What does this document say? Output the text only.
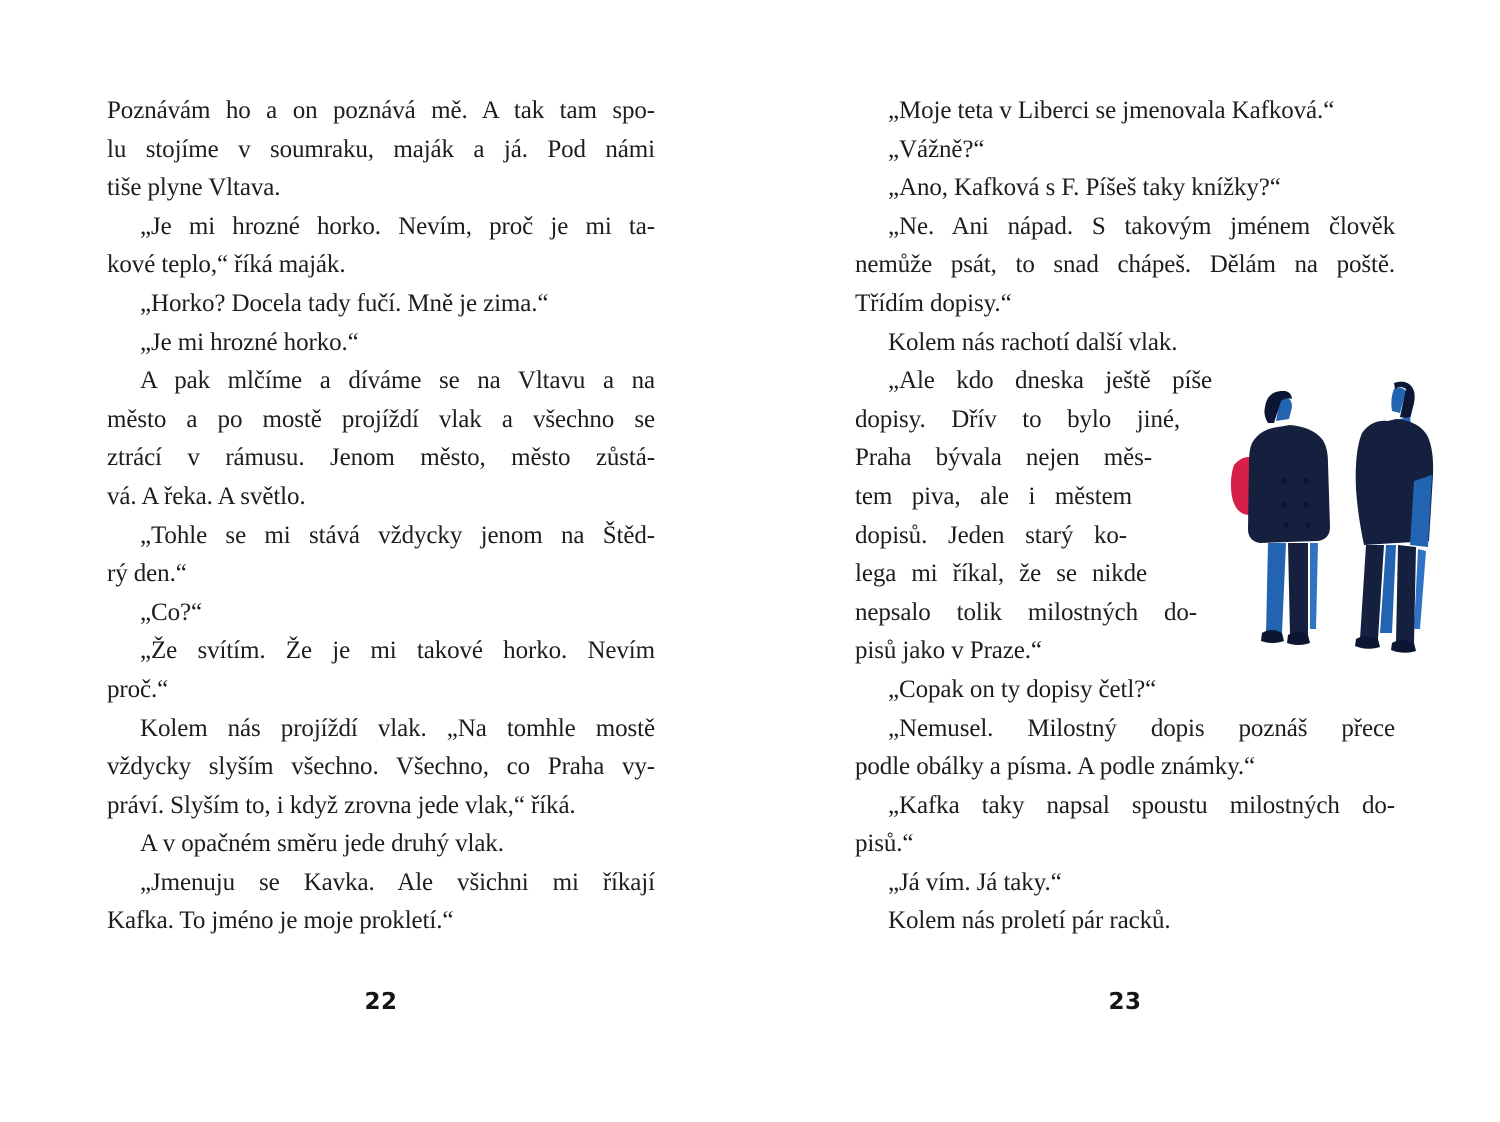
Poznávám ho a on poznává mě. A tak tam spo-
lu stojíme v soumraku, maják a já. Pod námi
tiše plyne Vltava.
„Je mi hrozné horko. Nevím, proč je mi ta-
kové teplo,“ říká maják.
„Horko? Docela tady fučí. Mně je zima.“
„Je mi hrozné horko.“
A pak mlčíme a díváme se na Vltavu a na
město a po mostě projíždí vlak a všechno se
ztrácí v rámusu. Jenom město, město zůstá-
vá. A řeka. A světlo.
„Tohle se mi stává vždycky jenom na Štěd-
rý den.“
„Co?“
„Že svítím. Že je mi takové horko. Nevím
proč.“
Kolem nás projíždí vlak. „Na tomhle mostě
vždycky slyším všechno. Všechno, co Praha vy-
práví. Slyším to, i když zrovna jede vlak,“ říká.
A v opačném směru jede druhý vlak.
„Jmenuju se Kavka. Ale všichni mi říkají
Kafka. To jméno je moje prokletí.“
„Moje teta v Liberci se jmenovala Kafková.“
„Vážně?“
„Ano, Kafková s F. Píšeš taky knížky?“
„Ne. Ani nápad. S takovým jménem člověk
nemůže psát, to snad chápeš. Dělám na poště.
Třídím dopisy.“
Kolem nás rachotí další vlak.
„Ale kdo dneska ještě píše
dopisy. Dřív to bylo jiné,
Praha bývala nejen měs-
tem piva, ale i městem
dopisů. Jeden starý ko-
lega mi říkal, že se nikde
nepsalo tolik milostných do-
pisů jako v Praze.“
„Copak on ty dopisy četl?“
„Nemusel. Milostný dopis poznáš přece
podle obálky a písma. A podle známky.“
„Kafka taky napsal spoustu milostných do-
pisů.“
„Já vím. Já taky.“
Kolem nás proletí pár racků.
22	23
